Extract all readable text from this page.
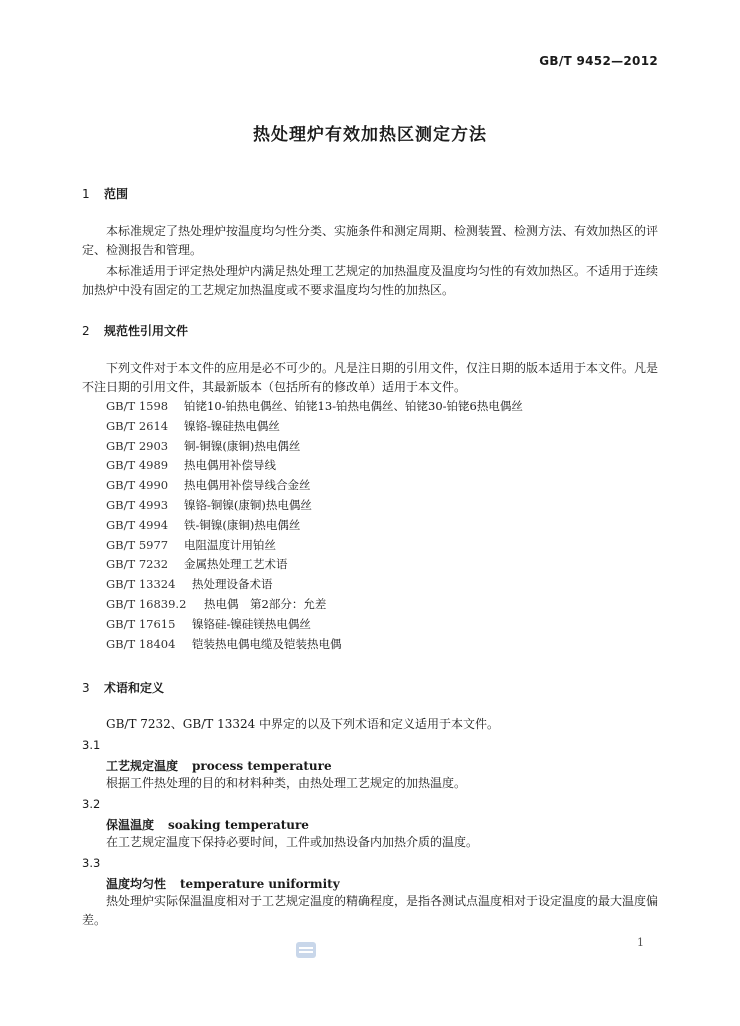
GB/T 9452—2012
热处理炉有效加热区测定方法
1 范围
本标准规定了热处理炉按温度均匀性分类、实施条件和测定周期、检测装置、检测方法、有效加热区的评定、检测报告和管理。
本标准适用于评定热处理炉内满足热处理工艺规定的加热温度及温度均匀性的有效加热区。不适用于连续加热炉中没有固定的工艺规定加热温度或不要求温度均匀性的加热区。
2 规范性引用文件
下列文件对于本文件的应用是必不可少的。凡是注日期的引用文件，仅注日期的版本适用于本文件。凡是不注日期的引用文件，其最新版本（包括所有的修改单）适用于本文件。
GB/T 1598 铂铑10-铂热电偶丝、铂铑13-铂热电偶丝、铂铑30-铂铑6热电偶丝
GB/T 2614 镍铬-镍硅热电偶丝
GB/T 2903 铜-铜镍(康铜)热电偶丝
GB/T 4989 热电偶用补偿导线
GB/T 4990 热电偶用补偿导线合金丝
GB/T 4993 镍铬-铜镍(康铜)热电偶丝
GB/T 4994 铁-铜镍(康铜)热电偶丝
GB/T 5977 电阻温度计用铂丝
GB/T 7232 金属热处理工艺术语
GB/T 13324 热处理设备术语
GB/T 16839.2 热电偶　第2部分：允差
GB/T 17615 镍铬硅-镍硅镁热电偶丝
GB/T 18404 铠装热电偶电缆及铠装热电偶
3 术语和定义
GB/T 7232、GB/T 13324 中界定的以及下列术语和定义适用于本文件。
3.1
工艺规定温度 process temperature
根据工件热处理的目的和材料种类，由热处理工艺规定的加热温度。
3.2
保温温度 soaking temperature
在工艺规定温度下保持必要时间，工件或加热设备内加热介质的温度。
3.3
温度均匀性 temperature uniformity
热处理炉实际保温温度相对于工艺规定温度的精确程度，是指各测试点温度相对于设定温度的最大温度偏差。
1
